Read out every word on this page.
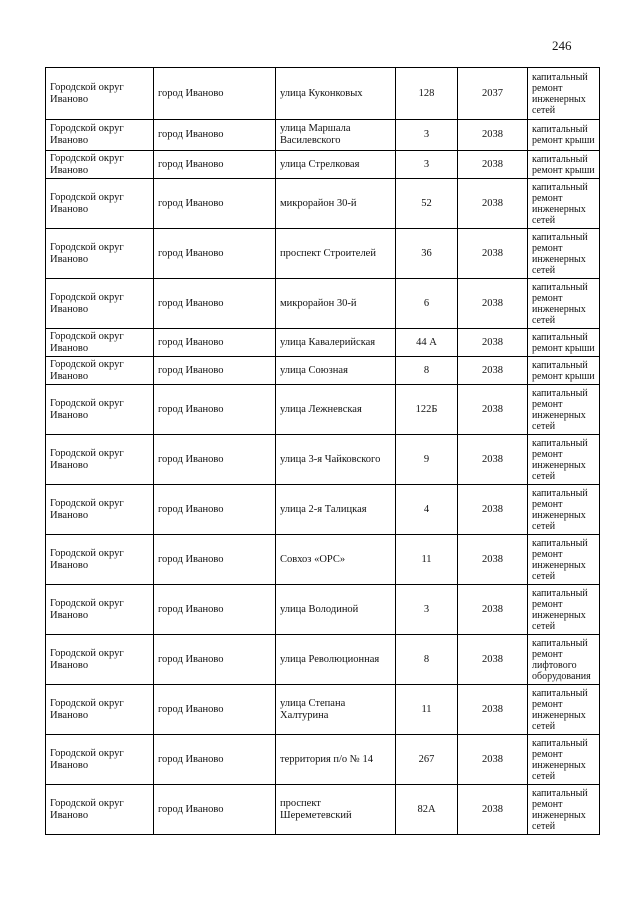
246
Городской округ Иваново	город Иваново	улица Куконковых	128	2037	капитальный ремонт инженерных сетей
Городской округ Иваново	город Иваново	улица Маршала Василевского	3	2038	капитальный ремонт крыши
Городской округ Иваново	город Иваново	улица Стрелковая	3	2038	капитальный ремонт крыши
Городской округ Иваново	город Иваново	микрорайон 30-й	52	2038	капитальный ремонт инженерных сетей
Городской округ Иваново	город Иваново	проспект Строителей	36	2038	капитальный ремонт инженерных сетей
Городской округ Иваново	город Иваново	микрорайон 30-й	6	2038	капитальный ремонт инженерных сетей
Городской округ Иваново	город Иваново	улица Кавалерийская	44 А	2038	капитальный ремонт крыши
Городской округ Иваново	город Иваново	улица Союзная	8	2038	капитальный ремонт крыши
Городской округ Иваново	город Иваново	улица Лежневская	122Б	2038	капитальный ремонт инженерных сетей
Городской округ Иваново	город Иваново	улица 3-я Чайковского	9	2038	капитальный ремонт инженерных сетей
Городской округ Иваново	город Иваново	улица 2-я Талицкая	4	2038	капитальный ремонт инженерных сетей
Городской округ Иваново	город Иваново	Совхоз «ОРС»	11	2038	капитальный ремонт инженерных сетей
Городской округ Иваново	город Иваново	улица Володиной	3	2038	капитальный ремонт инженерных сетей
Городской округ Иваново	город Иваново	улица Революционная	8	2038	капитальный ремонт лифтового оборудования
Городской округ Иваново	город Иваново	улица Степана Халтурина	11	2038	капитальный ремонт инженерных сетей
Городской округ Иваново	город Иваново	территория п/о № 14	267	2038	капитальный ремонт инженерных сетей
Городской округ Иваново	город Иваново	проспект Шереметевский	82А	2038	капитальный ремонт инженерных сетей
